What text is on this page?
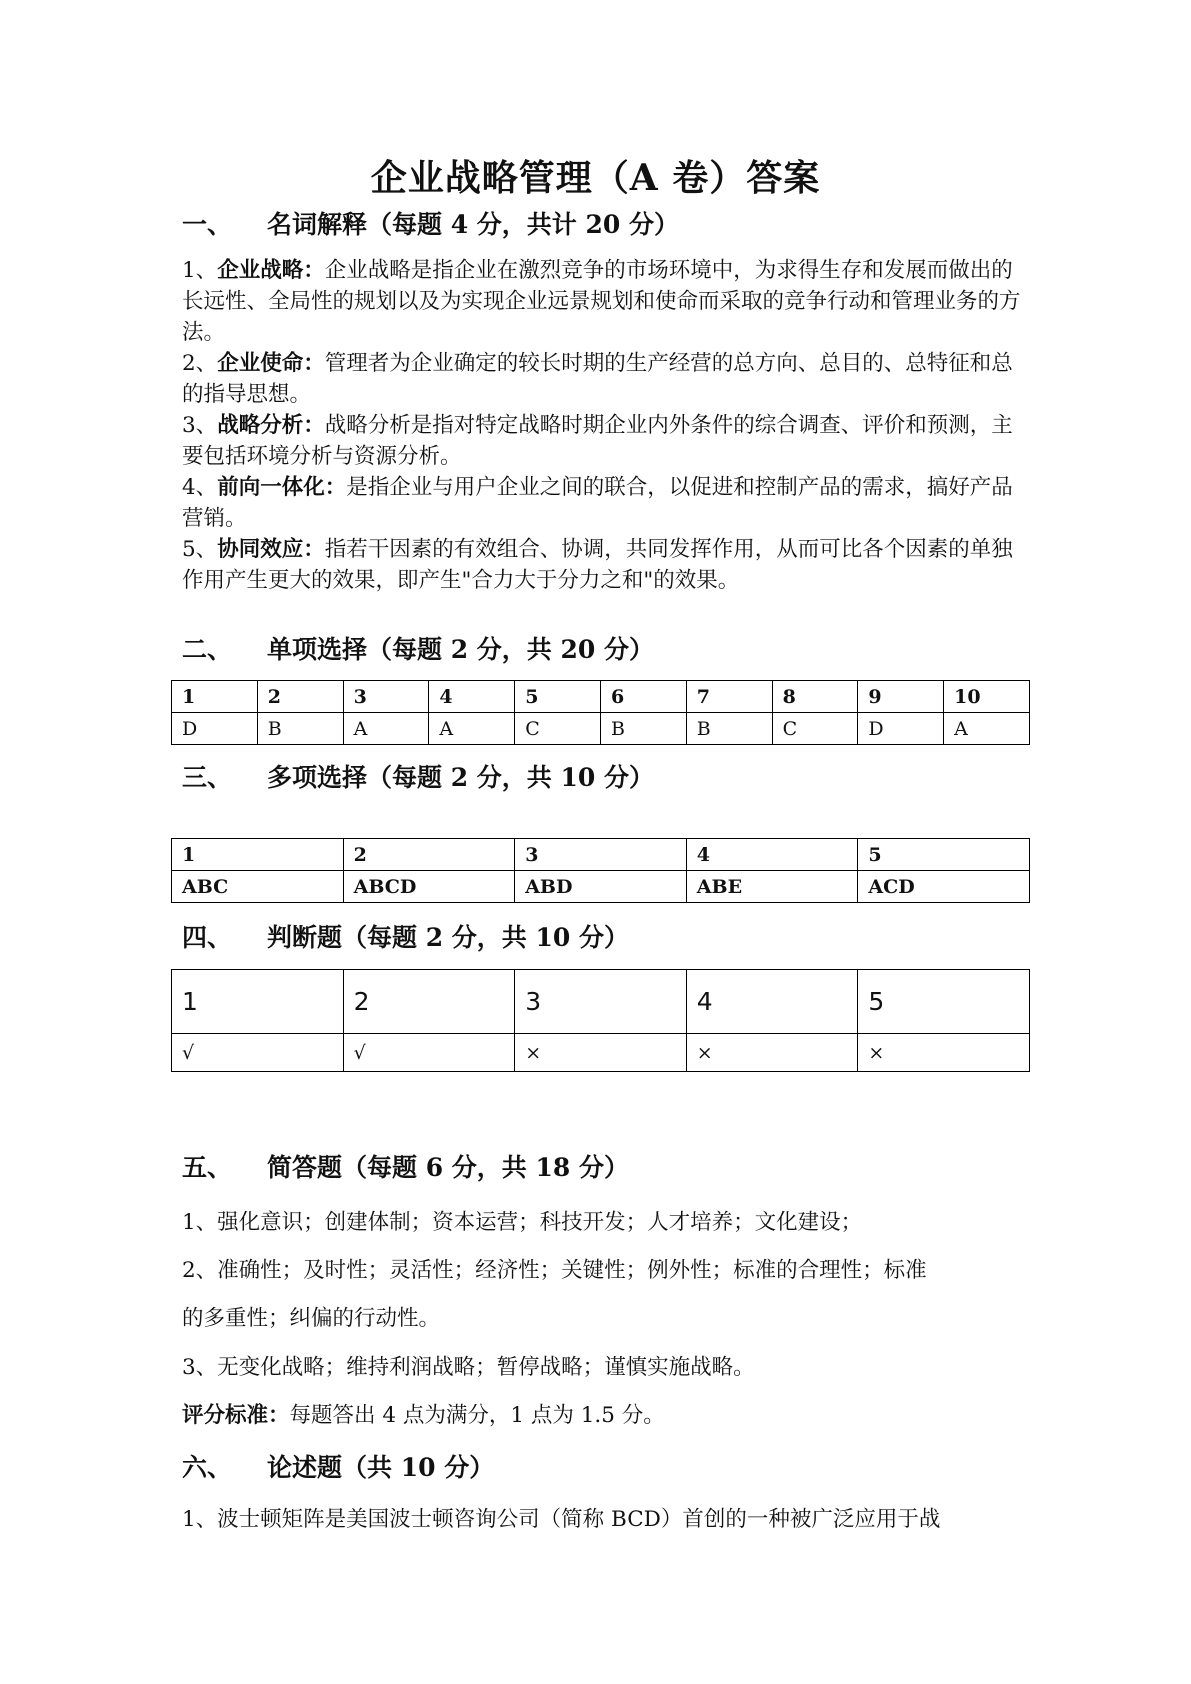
企业战略管理（A 卷）答案
一、 名词解释（每题 4 分，共计 20 分）
1、企业战略：企业战略是指企业在激烈竞争的市场环境中，为求得生存和发展而做出的长远性、全局性的规划以及为实现企业远景规划和使命而采取的竞争行动和管理业务的方法。
2、企业使命：管理者为企业确定的较长时期的生产经营的总方向、总目的、总特征和总的指导思想。
3、战略分析：战略分析是指对特定战略时期企业内外条件的综合调查、评价和预测，主要包括环境分析与资源分析。
4、前向一体化：是指企业与用户企业之间的联合，以促进和控制产品的需求，搞好产品营销。
5、协同效应：指若干因素的有效组合、协调，共同发挥作用，从而可比各个因素的单独作用产生更大的效果，即产生"合力大于分力之和"的效果。
二、 单项选择（每题 2 分，共 20 分）
1	2	3	4	5	6	7	8	9	10
D	B	A	A	C	B	B	C	D	A
三、 多项选择（每题 2 分，共 10 分）
1	2	3	4	5
ABC	ABCD	ABD	ABE	ACD
四、 判断题（每题 2 分，共 10 分）
1	2	3	4	5
√	√	×	×	×
五、 简答题（每题 6 分，共 18 分）
1、强化意识；创建体制；资本运营；科技开发；人才培养；文化建设；
2、准确性；及时性；灵活性；经济性；关键性；例外性；标准的合理性；标准
的多重性；纠偏的行动性。
3、无变化战略；维持利润战略；暂停战略；谨慎实施战略。
评分标准：每题答出 4 点为满分，1 点为 1.5 分。
六、 论述题（共 10 分）
1、波士顿矩阵是美国波士顿咨询公司（简称 BCD）首创的一种被广泛应用于战
